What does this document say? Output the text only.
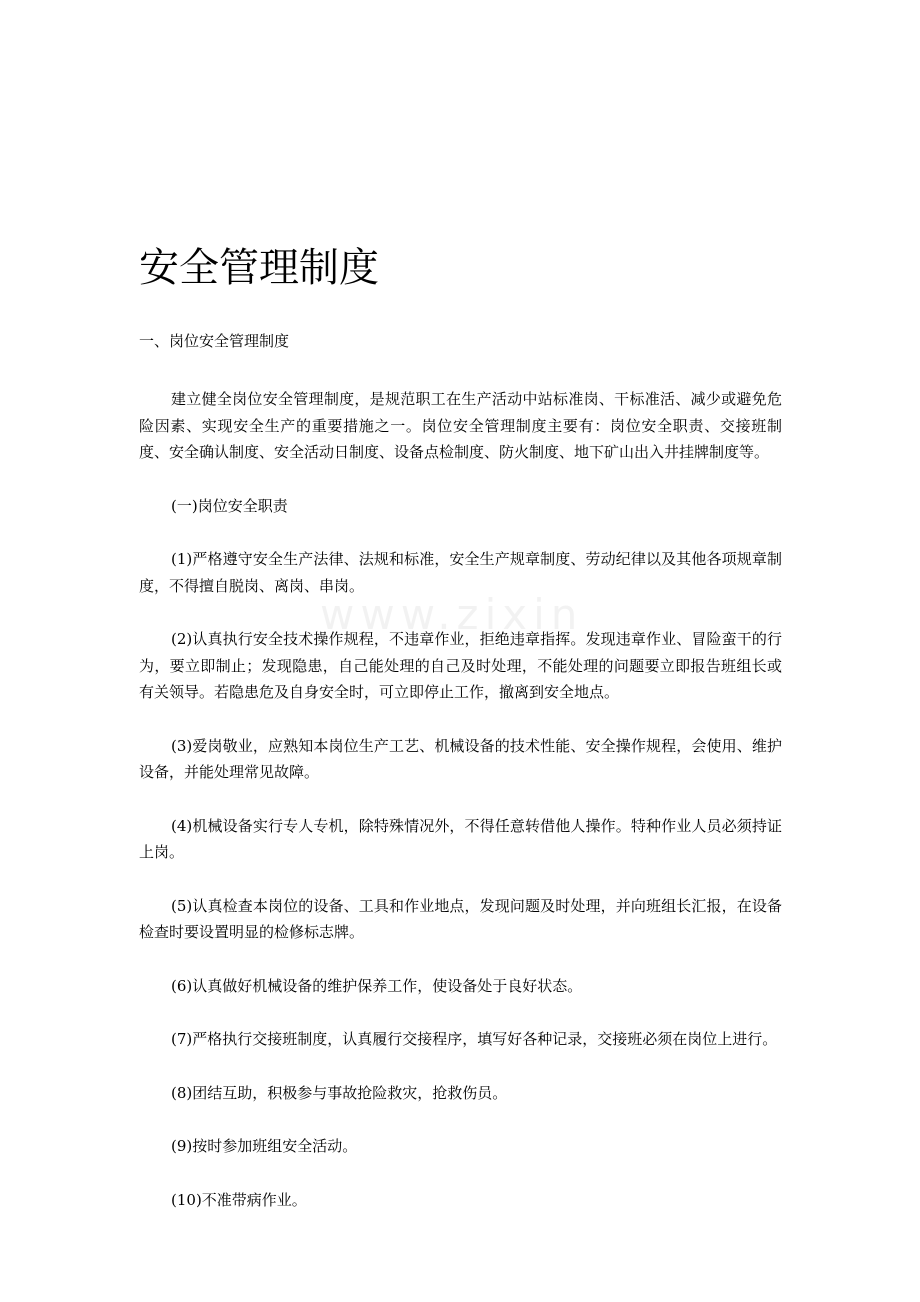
安全管理制度

一、岗位安全管理制度

建立健全岗位安全管理制度，是规范职工在生产活动中站标准岗、干标准活、减少或避免危险因素、实现安全生产的重要措施之一。岗位安全管理制度主要有：岗位安全职责、交接班制度、安全确认制度、安全活动日制度、设备点检制度、防火制度、地下矿山出入井挂牌制度等。

(一)岗位安全职责

(1)严格遵守安全生产法律、法规和标准，安全生产规章制度、劳动纪律以及其他各项规章制度，不得擅自脱岗、离岗、串岗。

(2)认真执行安全技术操作规程，不违章作业，拒绝违章指挥。发现违章作业、冒险蛮干的行为，要立即制止；发现隐患，自己能处理的自己及时处理，不能处理的问题要立即报告班组长或有关领导。若隐患危及自身安全时，可立即停止工作，撤离到安全地点。

(3)爱岗敬业，应熟知本岗位生产工艺、机械设备的技术性能、安全操作规程，会使用、维护设备，并能处理常见故障。

(4)机械设备实行专人专机，除特殊情况外，不得任意转借他人操作。特种作业人员必须持证上岗。

(5)认真检查本岗位的设备、工具和作业地点，发现问题及时处理，并向班组长汇报，在设备检查时要设置明显的检修标志牌。

(6)认真做好机械设备的维护保养工作，使设备处于良好状态。

(7)严格执行交接班制度，认真履行交接程序，填写好各种记录，交接班必须在岗位上进行。

(8)团结互助，积极参与事故抢险救灾，抢救伤员。

(9)按时参加班组安全活动。

(10)不准带病作业。

www.zixin
